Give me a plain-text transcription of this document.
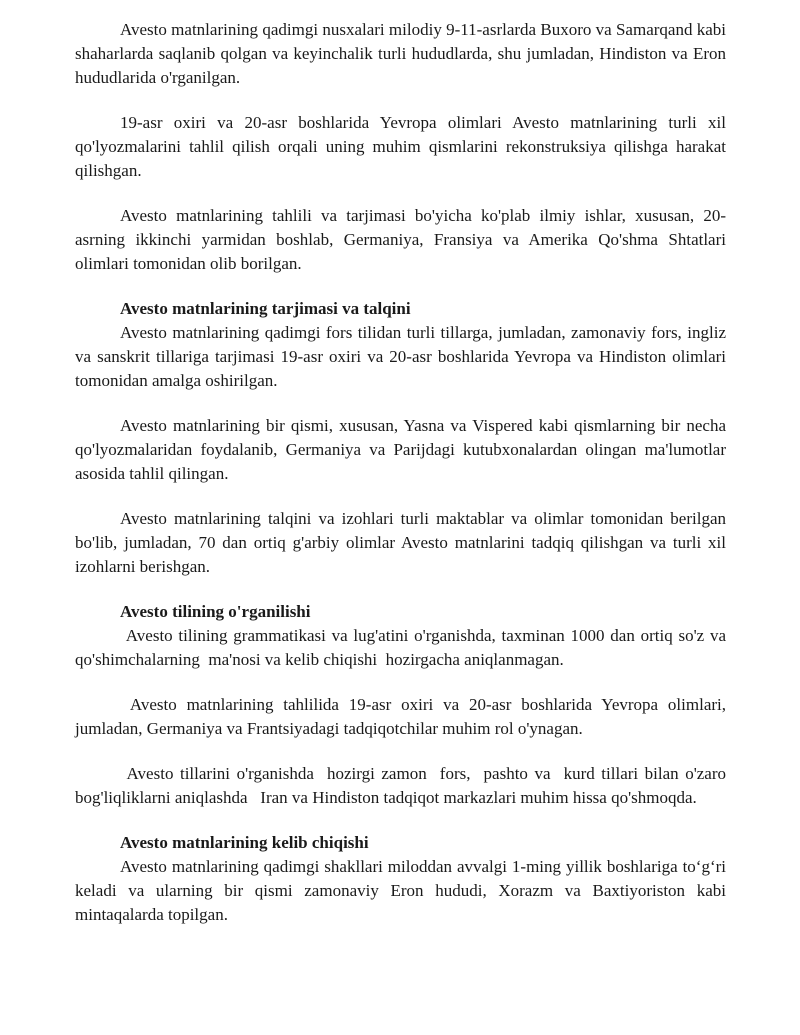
Avesto matnlarining qadimgi nusxalari milodiy 9-11-asrlarda Buxoro va Samarqand kabi shaharlarda saqlanib qolgan va keyinchalik turli hududlarda, shu jumladan, Hindiston va Eron hududlarida o'rganilgan.

19-asr oxiri va 20-asr boshlarida Yevropa olimlari Avesto matnlarining turli xil qo'lyozmalarini tahlil qilish orqali uning muhim qismlarini rekonstruksiya qilishga harakat qilishgan.

Avesto matnlarining tahlili va tarjimasi bo'yicha ko'plab ilmiy ishlar, xususan, 20-asrning ikkinchi yarmidan boshlab, Germaniya, Fransiya va Amerika Qo'shma Shtatlari olimlari tomonidan olib borilgan.

Avesto matnlarining tarjimasi va talqini

Avesto matnlarining qadimgi fors tilidan turli tillarga, jumladan, zamonaviy fors, ingliz va sanskrit tillariga tarjimasi 19-asr oxiri va 20-asr boshlarida Yevropa va Hindiston olimlari tomonidan amalga oshirilgan.

Avesto matnlarining bir qismi, xususan, Yasna va Vispered kabi qismlarning bir necha qo'lyozmalaridan foydalanib, Germaniya va Parijdagi kutubxonalardan olingan ma'lumotlar asosida tahlil qilingan.

Avesto matnlarining talqini va izohlari turli maktablar va olimlar tomonidan berilgan bo'lib, jumladan, 70 dan ortiq g'arbiy olimlar Avesto matnlarini tadqiq qilishgan va turli xil izohlarni berishgan.

Avesto tilining o'rganilishi

Avesto tilining grammatikasi va lug'atini o'rganishda, taxminan 1000 dan ortiq so'z va qo'shimchalarning  ma'nosi va kelib chiqishi  hozirgacha aniqlanmagan.

Avesto matnlarining tahlilida 19-asr oxiri va 20-asr boshlarida Yevropa olimlari, jumladan, Germaniya va Frantsiyadagi tadqiqotchilar muhim rol o'ynagan.

Avesto tillarini o'rganishda  hozirgi zamon  fors,  pashto va  kurd tillari bilan o'zaro bog'liqliklarni aniqlashda   Iran va Hindiston tadqiqot markazlari muhim hissa qo'shmoqda.

Avesto matnlarining kelib chiqishi

Avesto matnlarining qadimgi shakllari miloddan avvalgi 1-ming yillik boshlariga to‘g‘ri keladi va ularning bir qismi zamonaviy Eron hududi, Xorazm va Baxtiyoriston kabi mintaqalarda topilgan.
